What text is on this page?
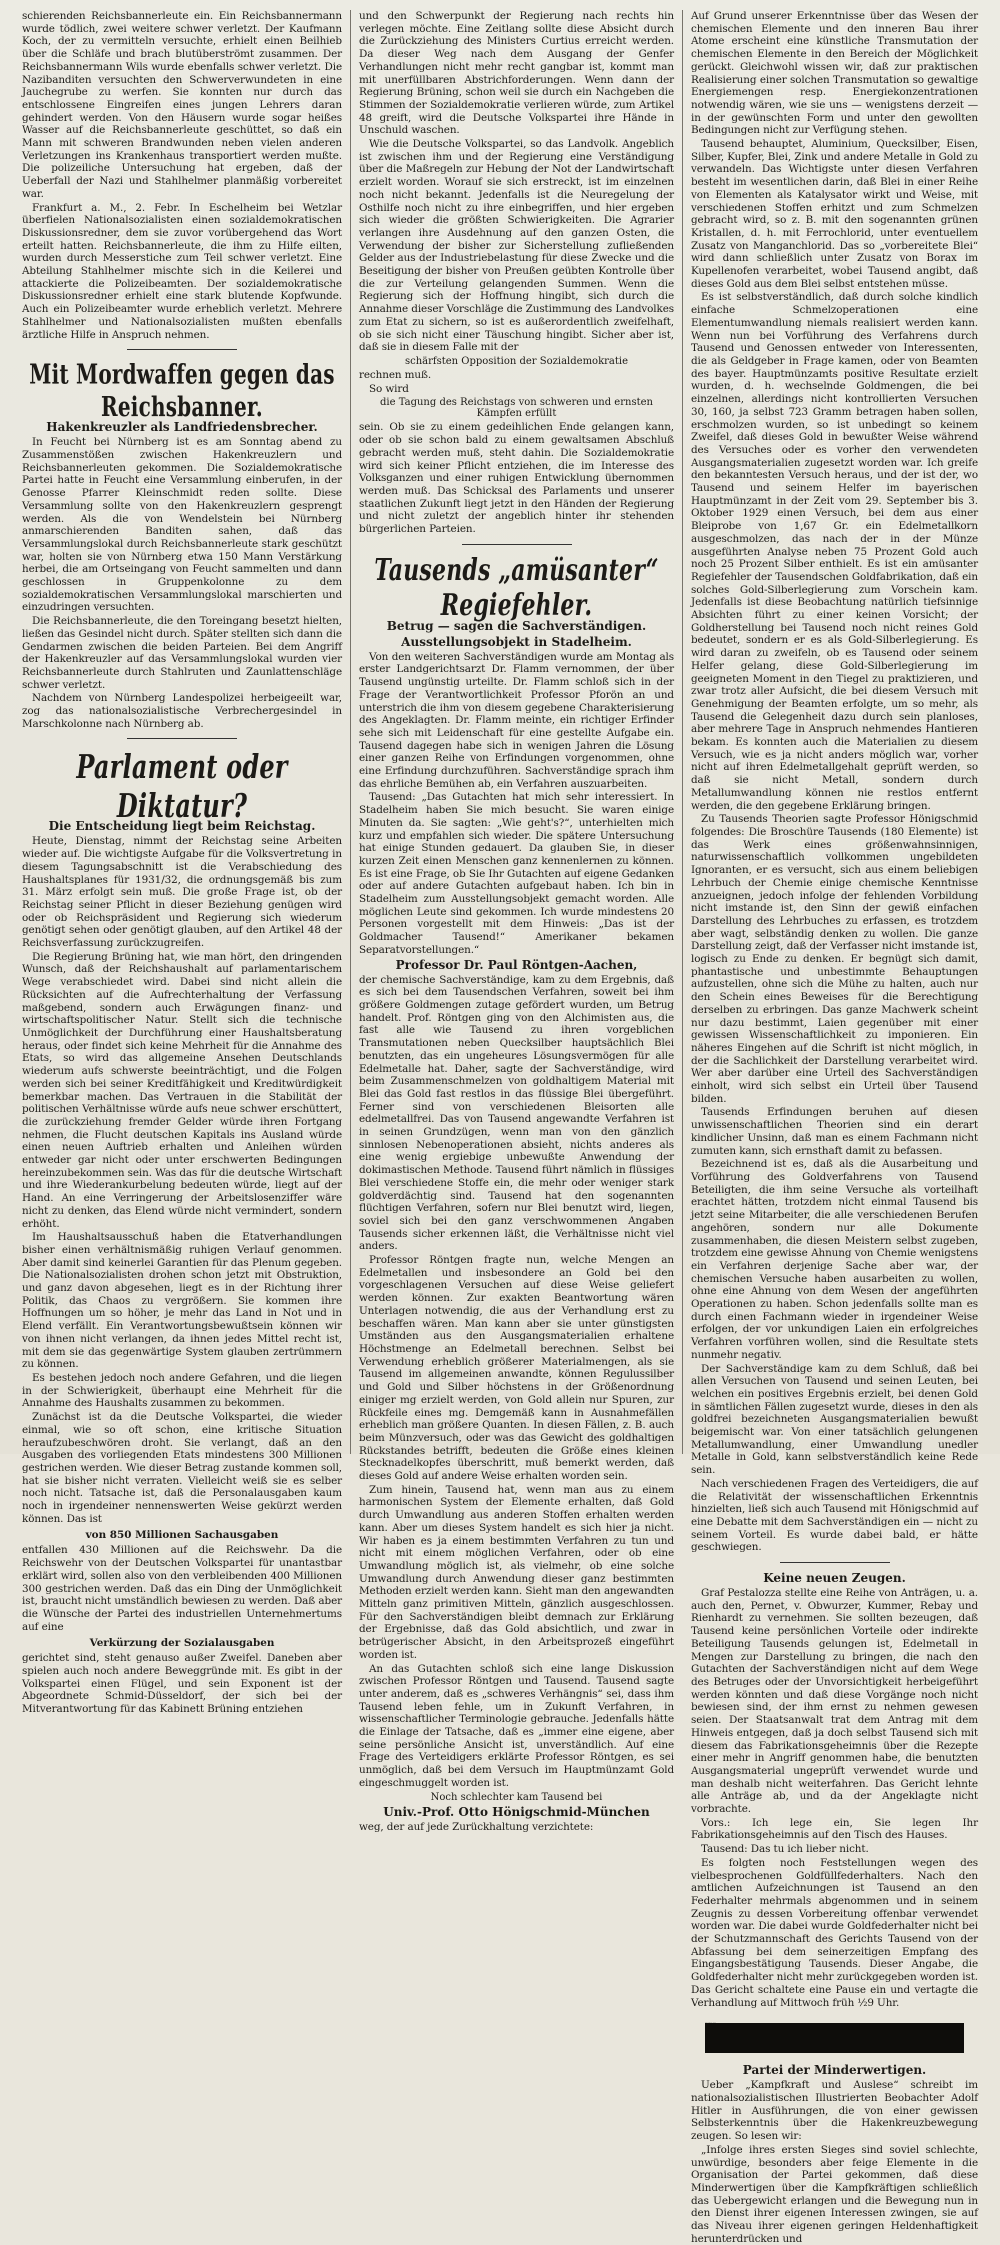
schierenden Reichsbannerleute ein. Ein Reichsbannermann wurde tödlich, zwei weitere schwer verletzt. Der Kaufmann Koch, der zu vermitteln versuchte, erhielt einen Beilhieb über die Schläfe und brach blutüberströmt zusammen. Der Reichsbannermann Wils wurde ebenfalls schwer verletzt. Die Nazibanditen versuchten den Schwerverwundeten in eine Jauchegrube zu werfen. Sie konnten nur durch das entschlossene Eingreifen eines jungen Lehrers daran gehindert werden. Von den Häusern wurde sogar heißes Wasser auf die Reichsbannerleute geschüttet, so daß ein Mann mit schweren Brandwunden neben vielen anderen Verletzungen ins Krankenhaus transportiert werden mußte. Die polizeiliche Untersuchung hat ergeben, daß der Ueberfall der Nazi und Stahlhelmer planmäßig vorbereitet war.

Frankfurt a. M., 2. Febr. In Eschelheim bei Wetzlar überfielen Nationalsozialisten einen sozialdemokratischen Diskussionsredner, dem sie zuvor vorübergehend das Wort erteilt hatten. Reichsbannerleute, die ihm zu Hilfe eilten, wurden durch Messerstiche zum Teil schwer verletzt. Eine Abteilung Stahlhelmer mischte sich in die Keilerei und attackierte die Polizeibeamten. Der sozialdemokratische Diskussionsredner erhielt eine stark blutende Kopfwunde. Auch ein Polizeibeamter wurde erheblich verletzt. Mehrere Stahlhelmer und Nationalsozialisten mußten ebenfalls ärztliche Hilfe in Anspruch nehmen.

Mit Mordwaffen gegen das Reichsbanner.
Hakenkreuzler als Landfriedensbrecher.

In Feucht bei Nürnberg ist es am Sonntag abend zu Zusammenstößen zwischen Hakenkreuzlern und Reichsbannerleuten gekommen. Die Sozialdemokratische Partei hatte in Feucht eine Versammlung einberufen, in der Genosse Pfarrer Kleinschmidt reden sollte. Diese Versammlung sollte von den Hakenkreuzlern gesprengt werden. Als die von Wendelstein bei Nürnberg anmarschierenden Banditen sahen, daß das Versammlungslokal durch Reichsbannerleute stark geschützt war, holten sie von Nürnberg etwa 150 Mann Verstärkung herbei, die am Ortseingang von Feucht sammelten und dann geschlossen in Gruppenkolonne zu dem sozialdemokratischen Versammlungslokal marschierten und einzudringen versuchten.

Die Reichsbannerleute, die den Toreingang besetzt hielten, ließen das Gesindel nicht durch. Später stellten sich dann die Gendarmen zwischen die beiden Parteien. Bei dem Angriff der Hakenkreuzler auf das Versammlungslokal wurden vier Reichsbannerleute durch Stahlruten und Zaunlattenschläge schwer verletzt.

Nachdem von Nürnberg Landespolizei herbeigeeilt war, zog das nationalsozialistische Verbrechergesindel in Marschkolonne nach Nürnberg ab.

Parlament oder Diktatur?
Die Entscheidung liegt beim Reichstag.

Heute, Dienstag, nimmt der Reichstag seine Arbeiten wieder auf. Die wichtigste Aufgabe für die Volksvertretung in diesem Tagungsabschnitt ist die Verabschiedung des Haushaltsplanes für 1931/32, die ordnungsgemäß bis zum 31. März erfolgt sein muß. Die große Frage ist, ob der Reichstag seiner Pflicht in dieser Beziehung genügen wird oder ob Reichspräsident und Regierung sich wiederum genötigt sehen oder genötigt glauben, auf den Artikel 48 der Reichsverfassung zurückzugreifen.

Die Regierung Brüning hat, wie man hört, den dringenden Wunsch, daß der Reichshaushalt auf parlamentarischem Wege verabschiedet wird. Dabei sind nicht allein die Rücksichten auf die Aufrechterhaltung der Verfassung maßgebend, sondern auch Erwägungen finanz- und wirtschaftspolitischer Natur. Stellt sich die technische Unmöglichkeit der Durchführung einer Haushaltsberatung heraus, oder findet sich keine Mehrheit für die Annahme des Etats, so wird das allgemeine Ansehen Deutschlands wiederum aufs schwerste beeinträchtigt, und die Folgen werden sich bei seiner Kreditfähigkeit und Kreditwürdigkeit bemerkbar machen. Das Vertrauen in die Stabilität der politischen Verhältnisse würde aufs neue schwer erschüttert, die zurückziehung fremder Gelder würde ihren Fortgang nehmen, die Flucht deutschen Kapitals ins Ausland würde einen neuen Auftrieb erhalten und Anleihen würden entweder gar nicht oder unter erschwerten Bedingungen hereinzubekommen sein. Was das für die deutsche Wirtschaft und ihre Wiederankurbelung bedeuten würde, liegt auf der Hand. An eine Verringerung der Arbeitslosenziffer wäre nicht zu denken, das Elend würde nicht vermindert, sondern erhöht.

Im Haushaltsausschuß haben die Etatverhandlungen bisher einen verhältnismäßig ruhigen Verlauf genommen. Aber damit sind keinerlei Garantien für das Plenum gegeben. Die Nationalsozialisten drohen schon jetzt mit Obstruktion, und ganz davon abgesehen, liegt es in der Richtung ihrer Politik, das Chaos zu vergrößern. Sie kommen ihre Hoffnungen um so höher, je mehr das Land in Not und in Elend verfällt. Ein Verantwortungsbewußtsein können wir von ihnen nicht verlangen, da ihnen jedes Mittel recht ist, mit dem sie das gegenwärtige System glauben zertrümmern zu können.

Es bestehen jedoch noch andere Gefahren, und die liegen in der Schwierigkeit, überhaupt eine Mehrheit für die Annahme des Haushalts zusammen zu bekommen.

Zunächst ist da die Deutsche Volkspartei, die wieder einmal, wie so oft schon, eine kritische Situation heraufzubeschwören droht. Sie verlangt, daß an den Ausgaben des vorliegenden Etats mindestens 300 Millionen gestrichen werden. Wie dieser Betrag zustande kommen soll, hat sie bisher nicht verraten. Vielleicht weiß sie es selber noch nicht. Tatsache ist, daß die Personalausgaben kaum noch in irgendeiner nennenswerten Weise gekürzt werden können. Das ist

von 850 Millionen Sachausgaben

entfallen 430 Millionen auf die Reichswehr. Da die Reichswehr von der Deutschen Volkspartei für unantastbar erklärt wird, sollen also von den verbleibenden 400 Millionen 300 gestrichen werden. Daß das ein Ding der Unmöglichkeit ist, braucht nicht umständlich bewiesen zu werden. Daß aber die Wünsche der Partei des industriellen Unternehmertums auf eine

Verkürzung der Sozialausgaben

gerichtet sind, steht genauso außer Zweifel. Daneben aber spielen auch noch andere Beweggründe mit. Es gibt in der Volkspartei einen Flügel, und sein Exponent ist der Abgeordnete Schmid-Düsseldorf, der sich bei der Mitverantwortung für das Kabinett Brüning entziehen

und den Schwerpunkt der Regierung nach rechts hin verlegen möchte. Eine Zeitlang sollte diese Absicht durch die Zurückziehung des Ministers Curtius erreicht werden. Da dieser Weg nach dem Ausgang der Genfer Verhandlungen nicht mehr recht gangbar ist, kommt man mit unerfüllbaren Abstrichforderungen. Wenn dann der Regierung Brüning, schon weil sie durch ein Nachgeben die Stimmen der Sozialdemokratie verlieren würde, zum Artikel 48 greift, wird die Deutsche Volkspartei ihre Hände in Unschuld waschen.

Wie die Deutsche Volkspartei, so das Landvolk. Angeblich ist zwischen ihm und der Regierung eine Verständigung über die Maßregeln zur Hebung der Not der Landwirtschaft erzielt worden. Worauf sie sich erstreckt, ist im einzelnen noch nicht bekannt. Jedenfalls ist die Neuregelung der Osthilfe noch nicht zu ihre einbegriffen, und hier ergeben sich wieder die größten Schwierigkeiten. Die Agrarier verlangen ihre Ausdehnung auf den ganzen Osten, die Verwendung der bisher zur Sicherstellung zufließenden Gelder aus der Industriebelastung für diese Zwecke und die Beseitigung der bisher von Preußen geübten Kontrolle über die zur Verteilung gelangenden Summen. Wenn die Regierung sich der Hoffnung hingibt, sich durch die Annahme dieser Vorschläge die Zustimmung des Landvolkes zum Etat zu sichern, so ist es außerordentlich zweifelhaft, ob sie sich nicht einer Täuschung hingibt. Sicher aber ist, daß sie in diesem Falle mit der

schärfsten Opposition der Sozialdemokratie

rechnen muß.

So wird

die Tagung des Reichstags von schweren und ernsten Kämpfen erfüllt

sein. Ob sie zu einem gedeihlichen Ende gelangen kann, oder ob sie schon bald zu einem gewaltsamen Abschluß gebracht werden muß, steht dahin. Die Sozialdemokratie wird sich keiner Pflicht entziehen, die im Interesse des Volksganzen und einer ruhigen Entwicklung übernommen werden muß. Das Schicksal des Parlaments und unserer staatlichen Zukunft liegt jetzt in den Händen der Regierung und nicht zuletzt der angeblich hinter ihr stehenden bürgerlichen Parteien.

Tausends „amüsanter“ Regiefehler.
Betrug — sagen die Sachverständigen.
Ausstellungsobjekt in Stadelheim.

Von den weiteren Sachverständigen wurde am Montag als erster Landgerichtsarzt Dr. Flamm vernommen, der über Tausend ungünstig urteilte. Dr. Flamm schloß sich in der Frage der Verantwortlichkeit Professor Pforön an und unterstrich die ihm von diesem gegebene Charakterisierung des Angeklagten. Dr. Flamm meinte, ein richtiger Erfinder sehe sich mit Leidenschaft für eine gestellte Aufgabe ein. Tausend dagegen habe sich in wenigen Jahren die Lösung einer ganzen Reihe von Erfindungen vorgenommen, ohne eine Erfindung durchzuführen. Sachverständige sprach ihm das ehrliche Bemühen ab, ein Verfahren auszuarbeiten.

Tausend: „Das Gutachten hat mich sehr interessiert. In Stadelheim haben Sie mich besucht. Sie waren einige Minuten da. Sie sagten: „Wie geht's?“, unterhielten mich kurz und empfahlen sich wieder. Die spätere Untersuchung hat einige Stunden gedauert. Da glauben Sie, in dieser kurzen Zeit einen Menschen ganz kennenlernen zu können. Es ist eine Frage, ob Sie Ihr Gutachten auf eigene Gedanken oder auf andere Gutachten aufgebaut haben. Ich bin in Stadelheim zum Ausstellungsobjekt gemacht worden. Alle möglichen Leute sind gekommen. Ich wurde mindestens 20 Personen vorgestellt mit dem Hinweis: „Das ist der Goldmacher Tausend!“ Amerikaner bekamen Separatvorstellungen.“

Professor Dr. Paul Röntgen-Aachen,

der chemische Sachverständige, kam zu dem Ergebnis, daß es sich bei dem Tausendschen Verfahren, soweit bei ihm größere Goldmengen zutage gefördert wurden, um Betrug handelt. Prof. Röntgen ging von den Alchimisten aus, die fast alle wie Tausend zu ihren vorgeblichen Transmutationen neben Quecksilber hauptsächlich Blei benutzten, das ein ungeheures Lösungsvermögen für alle Edelmetalle hat. Daher, sagte der Sachverständige, wird beim Zusammenschmelzen von goldhaltigem Material mit Blei das Gold fast restlos in das flüssige Blei übergeführt. Ferner sind von verschiedenen Bleisorten alle edelmetallfrei. Das von Tausend angewandte Verfahren ist in seinen Grundzügen, wenn man von den gänzlich sinnlosen Nebenoperationen absieht, nichts anderes als eine wenig ergiebige unbewußte Anwendung der dokimastischen Methode. Tausend führt nämlich in flüssiges Blei verschiedene Stoffe ein, die mehr oder weniger stark goldverdächtig sind. Tausend hat den sogenannten flüchtigen Verfahren, sofern nur Blei benutzt wird, liegen, soviel sich bei den ganz verschwommenen Angaben Tausends sicher erkennen läßt, die Verhältnisse nicht viel anders.

Professor Röntgen fragte nun, welche Mengen an Edelmetallen und insbesondere an Gold bei den vorgeschlagenen Versuchen auf diese Weise geliefert werden können. Zur exakten Beantwortung wären Unterlagen notwendig, die aus der Verhandlung erst zu beschaffen wären. Man kann aber sie unter günstigsten Umständen aus den Ausgangsmaterialien erhaltene Höchstmenge an Edelmetall berechnen. Selbst bei Verwendung erheblich größerer Materialmengen, als sie Tausend im allgemeinen anwandte, können Regulussilber und Gold und Silber höchstens in der Größenordnung einiger mg erzielt werden, von Gold allein nur Spuren, zur Rückfeile eines mg. Demgemäß kann in Ausnahmefällen erheblich man größere Quanten. In diesen Fällen, z. B. auch beim Münzversuch, oder was das Gewicht des goldhaltigen Rückstandes betrifft, bedeuten die Größe eines kleinen Stecknadelkopfes überschritt, muß bemerkt werden, daß dieses Gold auf andere Weise erhalten worden sein.

Zum hinein, Tausend hat, wenn man aus zu einem harmonischen System der Elemente erhalten, daß Gold durch Umwandlung aus anderen Stoffen erhalten werden kann. Aber um dieses System handelt es sich hier ja nicht. Wir haben es ja einem bestimmten Verfahren zu tun und nicht mit einem möglichen Verfahren, oder ob eine Umwandlung möglich ist, als vielmehr, ob eine solche Umwandlung durch Anwendung dieser ganz bestimmten Methoden erzielt werden kann. Sieht man den angewandten Mitteln ganz primitiven Mitteln, gänzlich ausgeschlossen. Für den Sachverständigen bleibt demnach zur Erklärung der Ergebnisse, daß das Gold absichtlich, und zwar in betrügerischer Absicht, in den Arbeitsprozeß eingeführt worden ist.

An das Gutachten schloß sich eine lange Diskussion zwischen Professor Röntgen und Tausend. Tausend sagte unter anderem, daß es „schweres Verhängnis“ sei, dass ihm Tausend leben fehle, um in Zukunft Verfahren, in wissenschaftlicher Terminologie gebrauche. Jedenfalls hätte die Einlage der Tatsache, daß es „immer eine eigene, aber seine persönliche Ansicht ist, unverständlich. Auf eine Frage des Verteidigers erklärte Professor Röntgen, es sei unmöglich, daß bei dem Versuch im Hauptmünzamt Gold eingeschmuggelt worden ist.

Noch schlechter kam Tausend bei
Univ.-Prof. Otto Hönigschmid-München

weg, der auf jede Zurückhaltung verzichtete:

Auf Grund unserer Erkenntnisse über das Wesen der chemischen Elemente und den inneren Bau ihrer Atome erscheint eine künstliche Transmutation der chemischen Elemente in den Bereich der Möglichkeit gerückt. Gleichwohl wissen wir, daß zur praktischen Realisierung einer solchen Transmutation so gewaltige Energiemengen resp. Energiekonzentrationen notwendig wären, wie sie uns — wenigstens derzeit — in der gewünschten Form und unter den gewollten Bedingungen nicht zur Verfügung stehen.

Tausend behauptet, Aluminium, Quecksilber, Eisen, Silber, Kupfer, Blei, Zink und andere Metalle in Gold zu verwandeln. Das Wichtigste unter diesen Verfahren besteht im wesentlichen darin, daß Blei in einer Reihe von Elementen als Katalysator wirkt und Weise, mit verschiedenen Stoffen erhitzt und zum Schmelzen gebracht wird, so z. B. mit den sogenannten grünen Kristallen, d. h. mit Ferrochlorid, unter eventuellem Zusatz von Manganchlorid. Das so „vorbereitete Blei“ wird dann schließlich unter Zusatz von Borax im Kupellenofen verarbeitet, wobei Tausend angibt, daß dieses Gold aus dem Blei selbst entstehen müsse.

Es ist selbstverständlich, daß durch solche kindlich einfache Schmelzoperationen eine Elementumwandlung niemals realisiert werden kann. Wenn nun bei Vorführung des Verfahrens durch Tausend und Genossen entweder von Interessenten, die als Geldgeber in Frage kamen, oder von Beamten des bayer. Hauptmünzamts positive Resultate erzielt wurden, d. h. wechselnde Goldmengen, die bei einzelnen, allerdings nicht kontrollierten Versuchen 30, 160, ja selbst 723 Gramm betragen haben sollen, erschmolzen wurden, so ist unbedingt so keinem Zweifel, daß dieses Gold in bewußter Weise während des Versuches oder es vorher den verwendeten Ausgangsmaterialien zugesetzt worden war. Ich greife den bekanntesten Versuch heraus, und der ist der, wo Tausend und seinem Helfer im bayerischen Hauptmünzamt in der Zeit vom 29. September bis 3. Oktober 1929 einen Versuch, bei dem aus einer Bleiprobe von 1,67 Gr. ein Edelmetallkorn ausgeschmolzen, das nach der in der Münze ausgeführten Analyse neben 75 Prozent Gold auch noch 25 Prozent Silber enthielt. Es ist ein amüsanter Regiefehler der Tausendschen Goldfabrikation, daß ein solches Gold-Silberlegierung zum Vorschein kam. Jedenfalls ist diese Beobachtung natürlich tiefsinnige Absichten führt zu einer keinen Vorsicht; der Goldherstellung bei Tausend noch nicht reines Gold bedeutet, sondern er es als Gold-Silberlegierung. Es wird daran zu zweifeln, ob es Tausend oder seinem Helfer gelang, diese Gold-Silberlegierung im geeigneten Moment in den Tiegel zu praktizieren, und zwar trotz aller Aufsicht, die bei diesem Versuch mit Genehmigung der Beamten erfolgte, um so mehr, als Tausend die Gelegenheit dazu durch sein planloses, aber mehrere Tage in Anspruch nehmendes Hantieren bekam. Es konnten auch die Materialien zu diesem Versuch, wie es ja nicht anders möglich war, vorher nicht auf ihren Edelmetallgehalt geprüft werden, so daß sie nicht Metall, sondern durch Metallumwandlung können nie restlos entfernt werden, die den gegebene Erklärung bringen.

Zu Tausends Theorien sagte Professor Hönigschmid folgendes: Die Broschüre Tausends (180 Elemente) ist das Werk eines größenwahnsinnigen, naturwissenschaftlich vollkommen ungebildeten Ignoranten, er es versucht, sich aus einem beliebigen Lehrbuch der Chemie einige chemische Kenntnisse anzueignen, jedoch infolge der fehlenden Vorbildung nicht imstande ist, den Sinn der gewiß einfachen Darstellung des Lehrbuches zu erfassen, es trotzdem aber wagt, selbständig denken zu wollen. Die ganze Darstellung zeigt, daß der Verfasser nicht imstande ist, logisch zu Ende zu denken. Er begnügt sich damit, phantastische und unbestimmte Behauptungen aufzustellen, ohne sich die Mühe zu halten, auch nur den Schein eines Beweises für die Berechtigung derselben zu erbringen. Das ganze Machwerk scheint nur dazu bestimmt, Laien gegenüber mit einer gewissen Wissenschaftlichkeit zu imponieren. Ein näheres Eingehen auf die Schrift ist nicht möglich, in der die Sachlichkeit der Darstellung verarbeitet wird. Wer aber darüber eine Urteil des Sachverständigen einholt, wird sich selbst ein Urteil über Tausend bilden.

Tausends Erfindungen beruhen auf diesen unwissenschaftlichen Theorien sind ein derart kindlicher Unsinn, daß man es einem Fachmann nicht zumuten kann, sich ernsthaft damit zu befassen.

Bezeichnend ist es, daß als die Ausarbeitung und Vorführung des Goldverfahrens von Tausend Beteiligten, die ihm seine Versuche als vorteilhaft erachtet hätten, trotzdem nicht einmal Tausend bis jetzt seine Mitarbeiter, die alle verschiedenen Berufen angehören, sondern nur alle Dokumente zusammenhaben, die diesen Meistern selbst zugeben, trotzdem eine gewisse Ahnung von Chemie wenigstens ein Verfahren derjenige Sache aber war, der chemischen Versuche haben ausarbeiten zu wollen, ohne eine Ahnung von dem Wesen der angeführten Operationen zu haben. Schon jedenfalls sollte man es durch einen Fachmann wieder in irgendeiner Weise erfolgen, der vor unkundigen Laien ein erfolgreiches Verfahren vorführen wollen, sind die Resultate stets nunmehr negativ.

Der Sachverständige kam zu dem Schluß, daß bei allen Versuchen von Tausend und seinen Leuten, bei welchen ein positives Ergebnis erzielt, bei denen Gold in sämtlichen Fällen zugesetzt wurde, dieses in den als goldfrei bezeichneten Ausgangsmaterialien bewußt beigemischt war. Von einer tatsächlich gelungenen Metallumwandlung, einer Umwandlung unedler Metalle in Gold, kann selbstverständlich keine Rede sein.

Nach verschiedenen Fragen des Verteidigers, die auf die Relativität der wissenschaftlichen Erkenntnis hinzielten, ließ sich auch Tausend mit Hönigschmid auf eine Debatte mit dem Sachverständigen ein — nicht zu seinem Vorteil. Es wurde dabei bald, er hätte geschwiegen.

Keine neuen Zeugen.

Graf Pestalozza stellte eine Reihe von Anträgen, u. a. auch den, Pernet, v. Obwurzer, Kummer, Rebay und Rienhardt zu vernehmen. Sie sollten bezeugen, daß Tausend keine persönlichen Vorteile oder indirekte Beteiligung Tausends gelungen ist, Edelmetall in Mengen zur Darstellung zu bringen, die nach den Gutachten der Sachverständigen nicht auf dem Wege des Betruges oder der Unvorsichtigkeit herbeigeführt werden könnten und daß diese Vorgänge noch nicht bewiesen sind, der ihm ernst zu nehmen gewesen seien. Der Staatsanwalt trat dem Antrag mit dem Hinweis entgegen, daß ja doch selbst Tausend sich mit diesem das Fabrikationsgeheimnis über die Rezepte einer mehr in Angriff genommen habe, die benutzten Ausgangsmaterial ungeprüft verwendet wurde und man deshalb nicht weiterfahren. Das Gericht lehnte alle Anträge ab, und da der Angeklagte nicht vorbrachte.

Vors.: Ich lege ein, Sie legen Ihr Fabrikationsgeheimnis auf den Tisch des Hauses.

Tausend: Das tu ich lieber nicht.

Es folgten noch Feststellungen wegen des vielbesprochenen Goldfüllfederhalters. Nach den amtlichen Aufzeichnungen ist Tausend an den Federhalter mehrmals abgenommen und in seinem Zeugnis zu dessen Vorbereitung offenbar verwendet worden war. Die dabei wurde Goldfederhalter nicht bei der Schutzmannschaft des Gerichts Tausend von der Abfassung bei dem seinerzeitigen Empfang des Eingangsbestätigung Tausends. Dieser Angabe, die Goldfederhalter nicht mehr zurückgegeben worden ist. Das Gericht schaltete eine Pause ein und vertagte die Verhandlung auf Mittwoch früh ½9 Uhr.

Das Recht auf Arbeit
Partei der Minderwertigen.

Ueber „Kampfkraft und Auslese“ schreibt im nationalsozialistischen Illustrierten Beobachter Adolf Hitler in Ausführungen, die von einer gewissen Selbsterkenntnis über die Hakenkreuzbewegung zeugen. So lesen wir:

„Infolge ihres ersten Sieges sind soviel schlechte, unwürdige, besonders aber feige Elemente in die Organisation der Partei gekommen, daß diese Minderwertigen über die Kampfkräftigen schließlich das Uebergewicht erlangen und die Bewegung nun in den Dienst ihrer eigenen Interessen zwingen, sie auf das Niveau ihrer eigenen geringen Heldenhaftigkeit herunterdrücken und
